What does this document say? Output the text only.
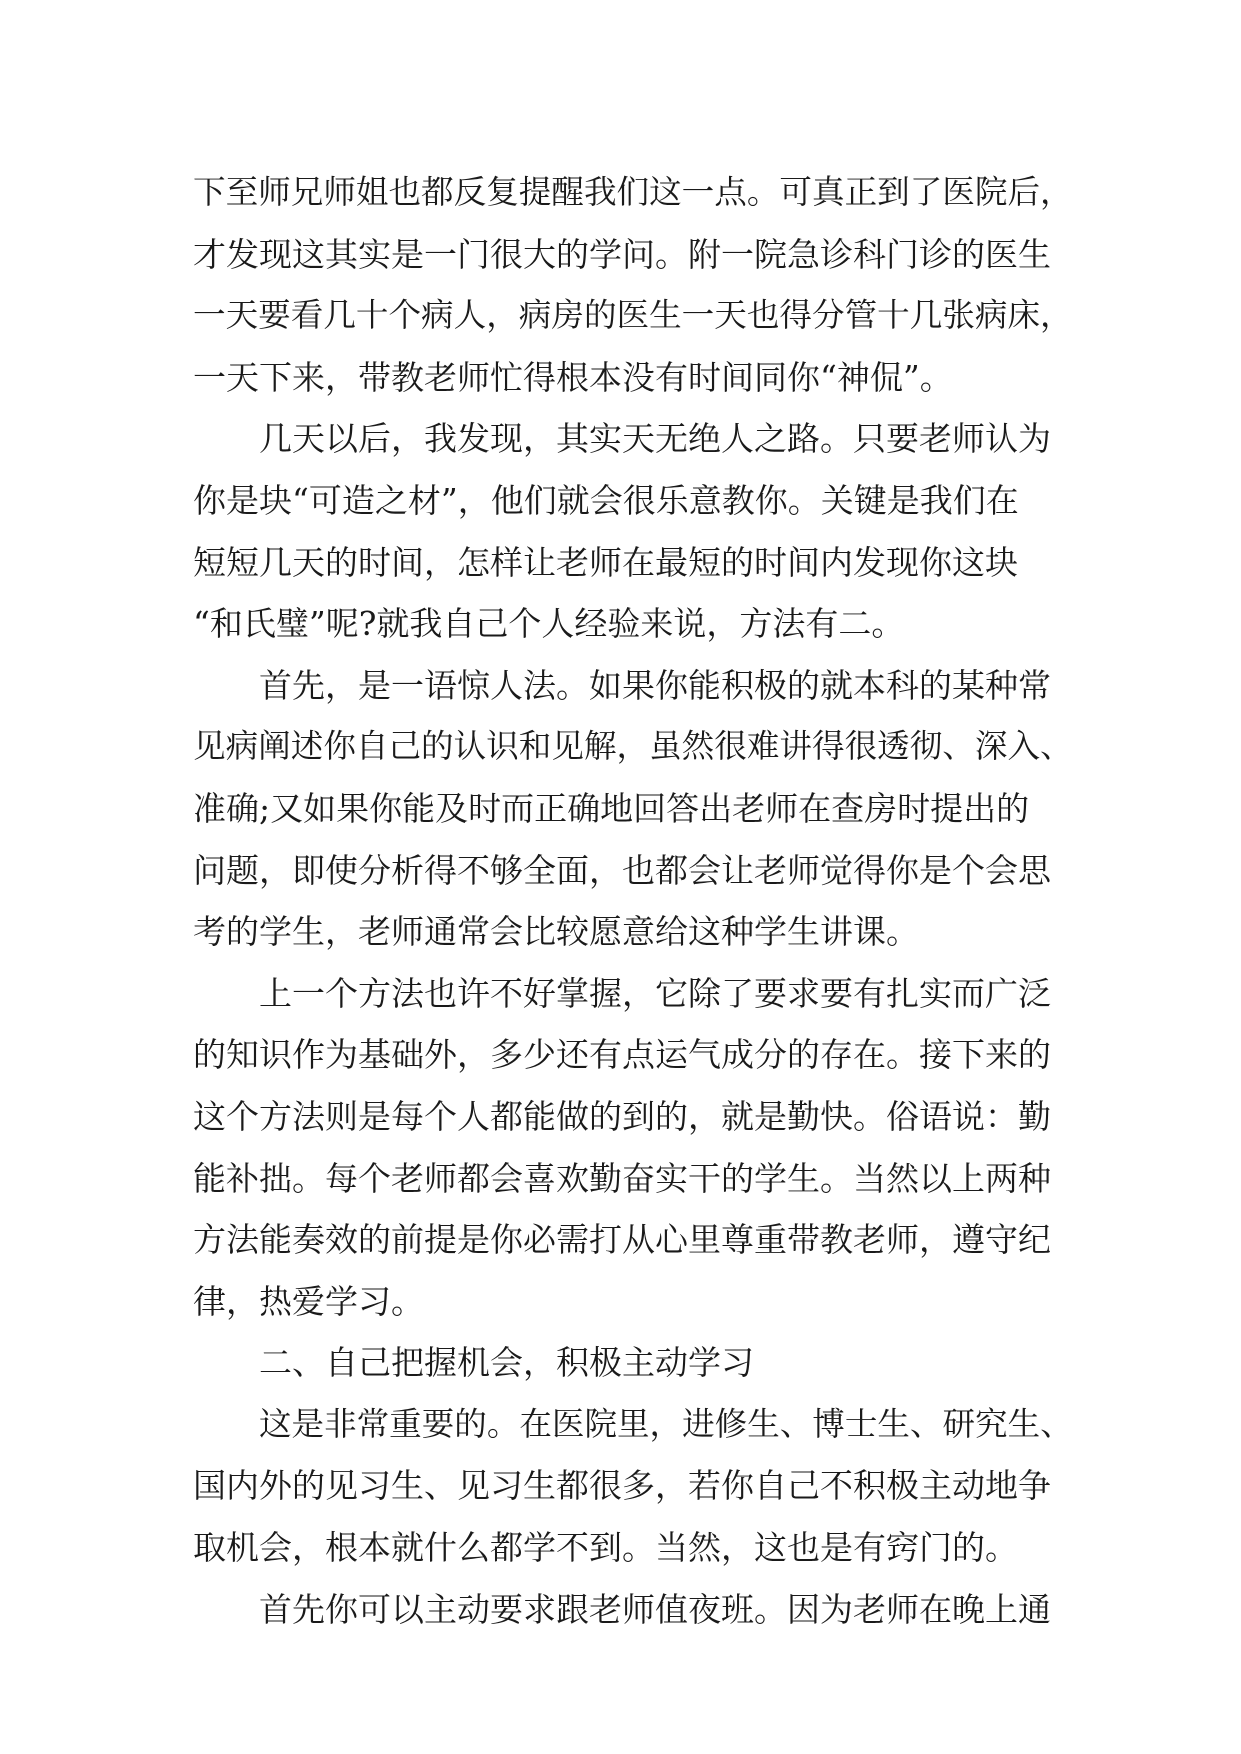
下至师兄师姐也都反复提醒我们这一点。可真正到了医院后，
才发现这其实是一门很大的学问。附一院急诊科门诊的医生
一天要看几十个病人，病房的医生一天也得分管十几张病床，
一天下来，带教老师忙得根本没有时间同你“神侃”。
几天以后，我发现，其实天无绝人之路。只要老师认为
你是块“可造之材”，他们就会很乐意教你。关键是我们在
短短几天的时间，怎样让老师在最短的时间内发现你这块
“和氏璧”呢?就我自己个人经验来说，方法有二。
首先，是一语惊人法。如果你能积极的就本科的某种常
见病阐述你自己的认识和见解，虽然很难讲得很透彻、深入、
准确;又如果你能及时而正确地回答出老师在查房时提出的
问题，即使分析得不够全面，也都会让老师觉得你是个会思
考的学生，老师通常会比较愿意给这种学生讲课。
上一个方法也许不好掌握，它除了要求要有扎实而广泛
的知识作为基础外，多少还有点运气成分的存在。接下来的
这个方法则是每个人都能做的到的，就是勤快。俗语说：勤
能补拙。每个老师都会喜欢勤奋实干的学生。当然以上两种
方法能奏效的前提是你必需打从心里尊重带教老师，遵守纪
律，热爱学习。
二、自己把握机会，积极主动学习
这是非常重要的。在医院里，进修生、博士生、研究生、
国内外的见习生、见习生都很多，若你自己不积极主动地争
取机会，根本就什么都学不到。当然，这也是有窍门的。
首先你可以主动要求跟老师值夜班。因为老师在晚上通
